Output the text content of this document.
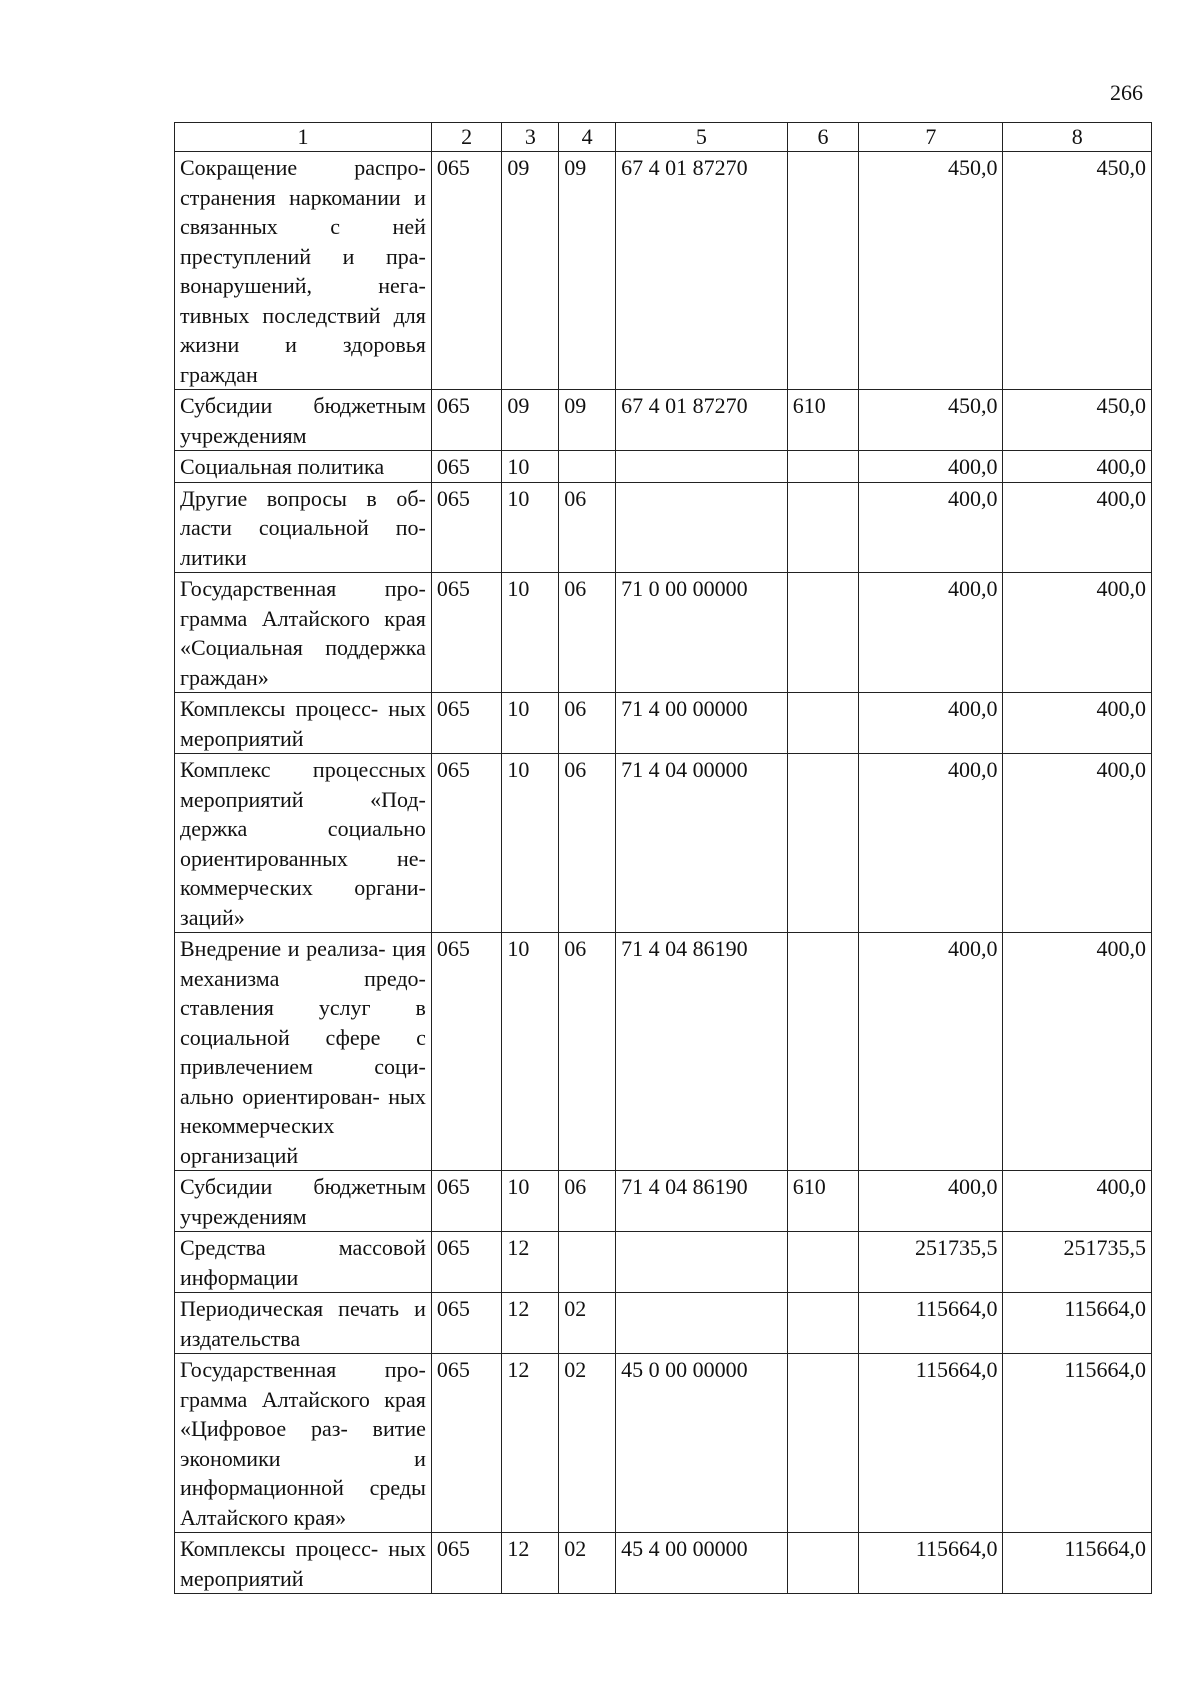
266
1	2	3	4	5	6	7	8
Сокращение распро- странения наркомании и связанных с ней преступлений и пра- вонарушений, нега- тивных последствий для жизни и здоровья граждан	065	09	09	67 4 01 87270		450,0	450,0
Субсидии бюджетным учреждениям	065	09	09	67 4 01 87270	610	450,0	450,0
Социальная политика	065	10				400,0	400,0
Другие вопросы в об- ласти социальной по- литики	065	10	06			400,0	400,0
Государственная про- грамма Алтайского края «Социальная поддержка граждан»	065	10	06	71 0 00 00000		400,0	400,0
Комплексы процесс- ных мероприятий	065	10	06	71 4 00 00000		400,0	400,0
Комплекс процессных мероприятий «Под- держка социально ориентированных не- коммерческих органи- заций»	065	10	06	71 4 04 00000		400,0	400,0
Внедрение и реализа- ция механизма предо- ставления услуг в социальной сфере с привлечением соци- ально ориентирован- ных некоммерческих организаций	065	10	06	71 4 04 86190		400,0	400,0
Субсидии бюджетным учреждениям	065	10	06	71 4 04 86190	610	400,0	400,0
Средства массовой информации	065	12				251735,5	251735,5
Периодическая печать и издательства	065	12	02			115664,0	115664,0
Государственная про- грамма Алтайского края «Цифровое раз- витие экономики и информационной среды Алтайского края»	065	12	02	45 0 00 00000		115664,0	115664,0
Комплексы процесс- ных мероприятий	065	12	02	45 4 00 00000		115664,0	115664,0
